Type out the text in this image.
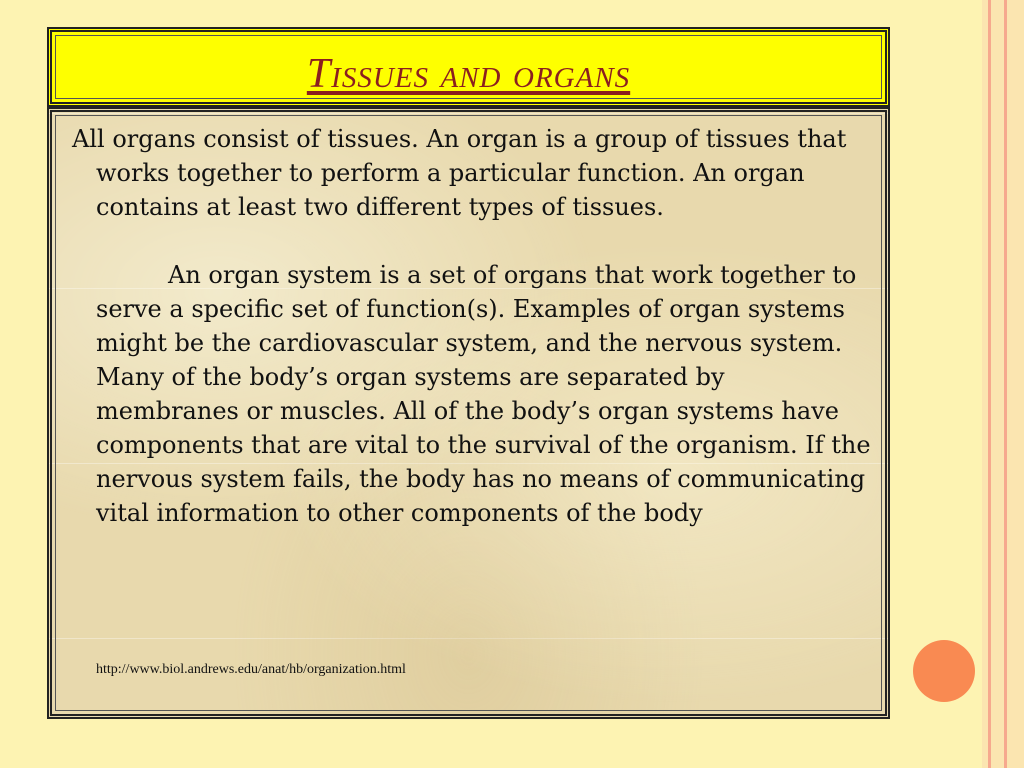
Tissues and organs

All organs consist of tissues. An organ is a group of tissues that works together to perform a particular function. An organ contains at least two different types of tissues.

An organ system is a set of organs that work together to serve a specific set of function(s). Examples of organ systems might be the cardiovascular system, and the nervous system. Many of the body’s organ systems are separated by membranes or muscles. All of the body’s organ systems have components that are vital to the survival of the organism. If the nervous system fails, the body has no means of communicating vital information to other components of the body

http://www.biol.andrews.edu/anat/hb/organization.html
